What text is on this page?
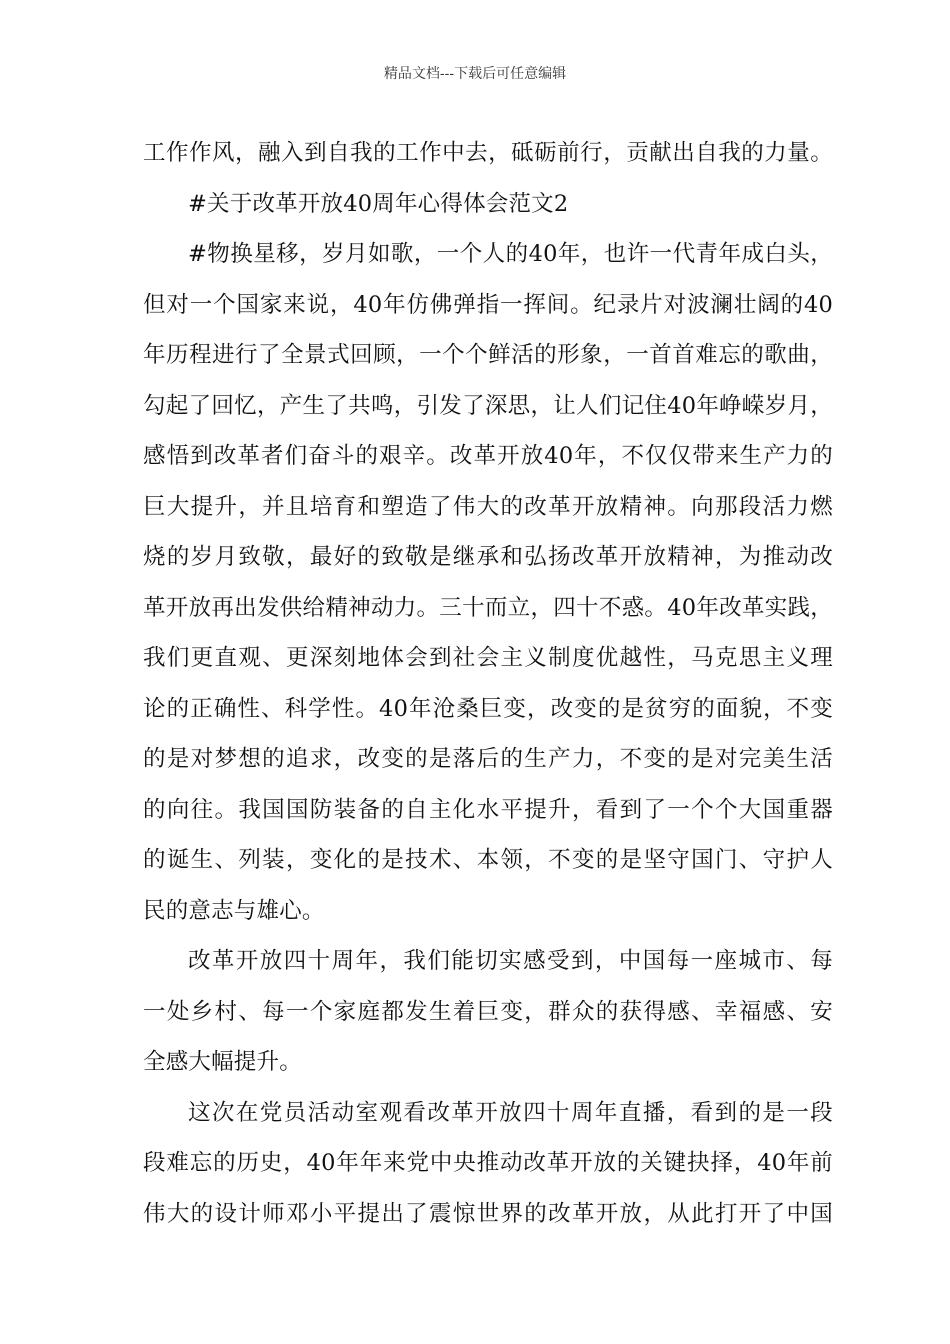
精品文档---下载后可任意编辑
工作作风，融入到自我的工作中去，砥砺前行，贡献出自我的力量。
#关于改革开放40周年心得体会范文2
#物换星移，岁月如歌，一个人的40年，也许一代青年成白头，
但对一个国家来说，40年仿佛弹指一挥间。纪录片对波澜壮阔的40
年历程进行了全景式回顾，一个个鲜活的形象，一首首难忘的歌曲，
勾起了回忆，产生了共鸣，引发了深思，让人们记住40年峥嵘岁月，
感悟到改革者们奋斗的艰辛。改革开放40年，不仅仅带来生产力的
巨大提升，并且培育和塑造了伟大的改革开放精神。向那段活力燃
烧的岁月致敬，最好的致敬是继承和弘扬改革开放精神，为推动改
革开放再出发供给精神动力。三十而立，四十不惑。40年改革实践，
我们更直观、更深刻地体会到社会主义制度优越性，马克思主义理
论的正确性、科学性。40年沧桑巨变，改变的是贫穷的面貌，不变
的是对梦想的追求，改变的是落后的生产力，不变的是对完美生活
的向往。我国国防装备的自主化水平提升，看到了一个个大国重器
的诞生、列装，变化的是技术、本领，不变的是坚守国门、守护人
民的意志与雄心。
改革开放四十周年，我们能切实感受到，中国每一座城市、每
一处乡村、每一个家庭都发生着巨变，群众的获得感、幸福感、安
全感大幅提升。
这次在党员活动室观看改革开放四十周年直播，看到的是一段
段难忘的历史，40年年来党中央推动改革开放的关键抉择，40年前
伟大的设计师邓小平提出了震惊世界的改革开放，从此打开了中国
